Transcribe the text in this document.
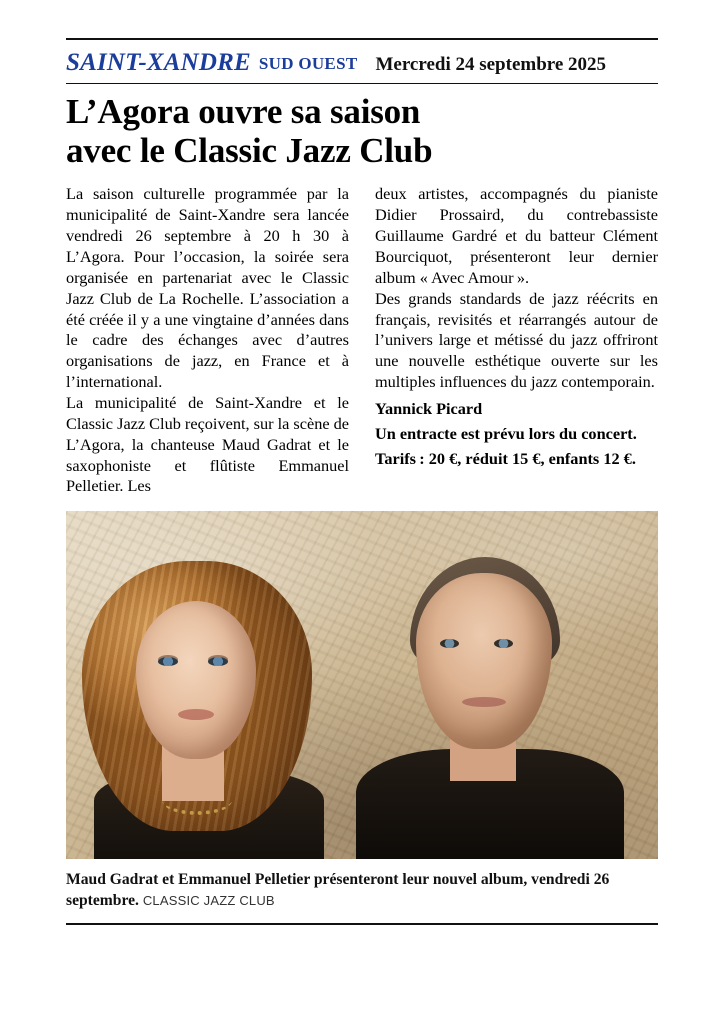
SAINT-XANDRE SUD OUEST Mercredi 24 septembre 2025
L’Agora ouvre sa saison
avec le Classic Jazz Club

La saison culturelle programmée par la municipalité de Saint-Xandre sera lancée vendredi 26 septembre à 20 h 30 à L’Agora. Pour l’occasion, la soirée sera organisée en partenariat avec le Classic Jazz Club de La Rochelle. L’association a été créée il y a une vingtaine d’années dans le cadre des échanges avec d’autres organisations de jazz, en France et à l’international.

La municipalité de Saint-Xandre et le Classic Jazz Club reçoivent, sur la scène de L’Agora, la chanteuse Maud Gadrat et le saxophoniste et flûtiste Emmanuel Pelletier. Les

deux artistes, accompagnés du pianiste Didier Prossaird, du contrebassiste Guillaume Gardré et du batteur Clément Bourciquot, présenteront leur dernier album « Avec Amour ».

Des grands standards de jazz réécrits en français, revisités et réarrangés autour de l’univers large et métissé du jazz offriront une nouvelle esthétique ouverte sur les multiples influences du jazz contemporain.

Yannick Picard

Un entracte est prévu lors du concert.

Tarifs : 20 €, réduit 15 €, enfants 12 €.

Maud Gadrat et Emmanuel Pelletier présenteront leur nouvel album, vendredi 26 septembre. CLASSIC JAZZ CLUB
